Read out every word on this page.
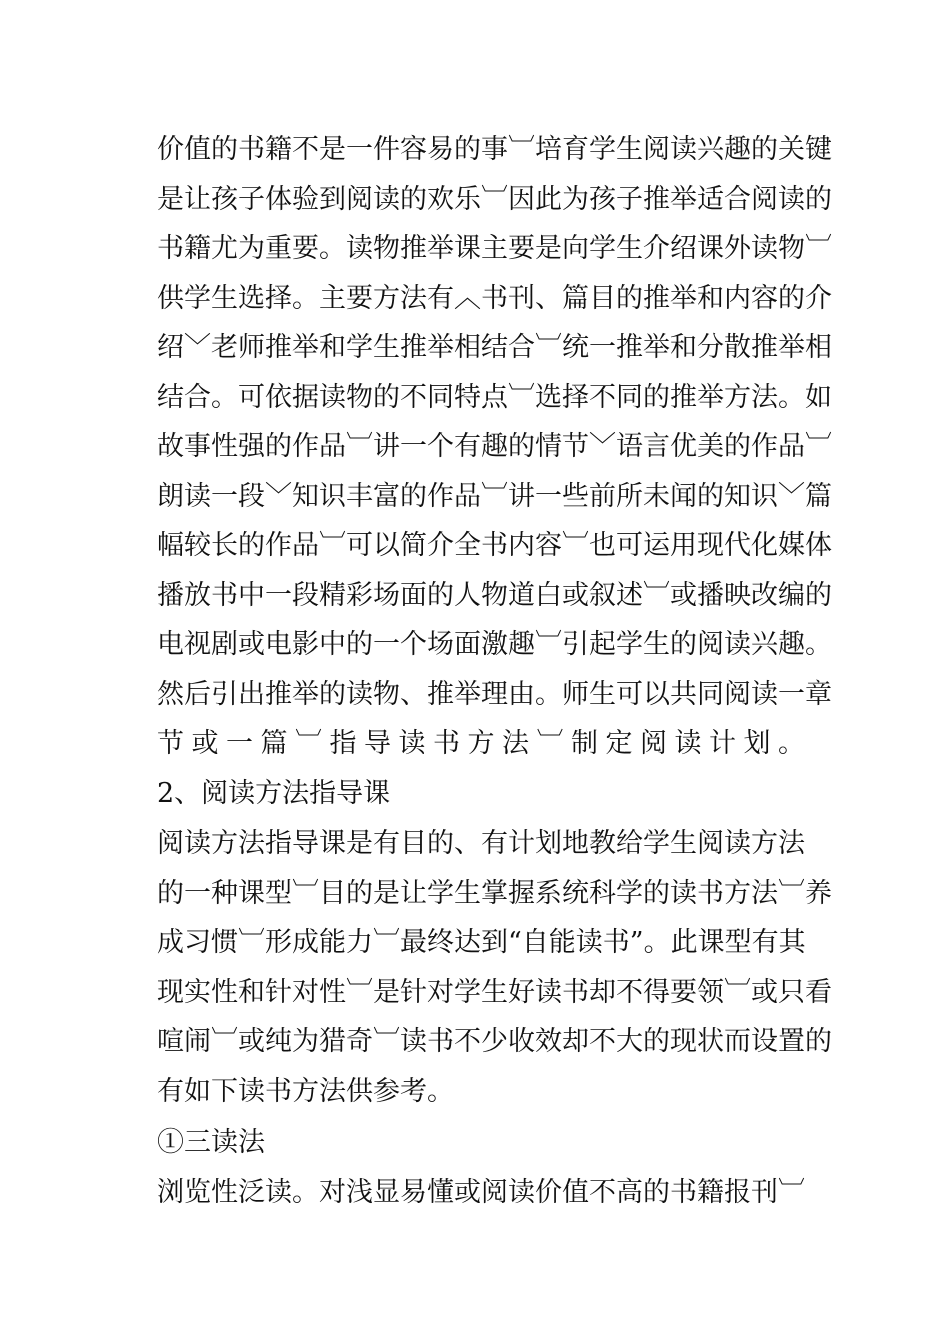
价值的书籍不是一件容易的事︺培育学生阅读兴趣的关键
是让孩子体验到阅读的欢乐︺因此为孩子推举适合阅读的
书籍尤为重要。读物推举课主要是向学生介绍课外读物︺
供学生选择。主要方法有︿书刊、篇目的推举和内容的介
绍﹀老师推举和学生推举相结合︺统一推举和分散推举相
结合。可依据读物的不同特点︺选择不同的推举方法。如
故事性强的作品︺讲一个有趣的情节﹀语言优美的作品︺
朗读一段﹀知识丰富的作品︺讲一些前所未闻的知识﹀篇
幅较长的作品︺可以简介全书内容︺也可运用现代化媒体
播放书中一段精彩场面的人物道白或叙述︺或播映改编的
电视剧或电影中的一个场面激趣︺引起学生的阅读兴趣。
然后引出推举的读物、推举理由。师生可以共同阅读一章
节或一篇︺指导读书方法︺制定阅读计划。
2、阅读方法指导课
阅读方法指导课是有目的、有计划地教给学生阅读方法
的一种课型︺目的是让学生掌握系统科学的读书方法︺养
成习惯︺形成能力︺最终达到“自能读书”。此课型有其
现实性和针对性︺是针对学生好读书却不得要领︺或只看
喧闹︺或纯为猎奇︺读书不少收效却不大的现状而设置的
有如下读书方法供参考。
①三读法
浏览性泛读。对浅显易懂或阅读价值不高的书籍报刊︺
